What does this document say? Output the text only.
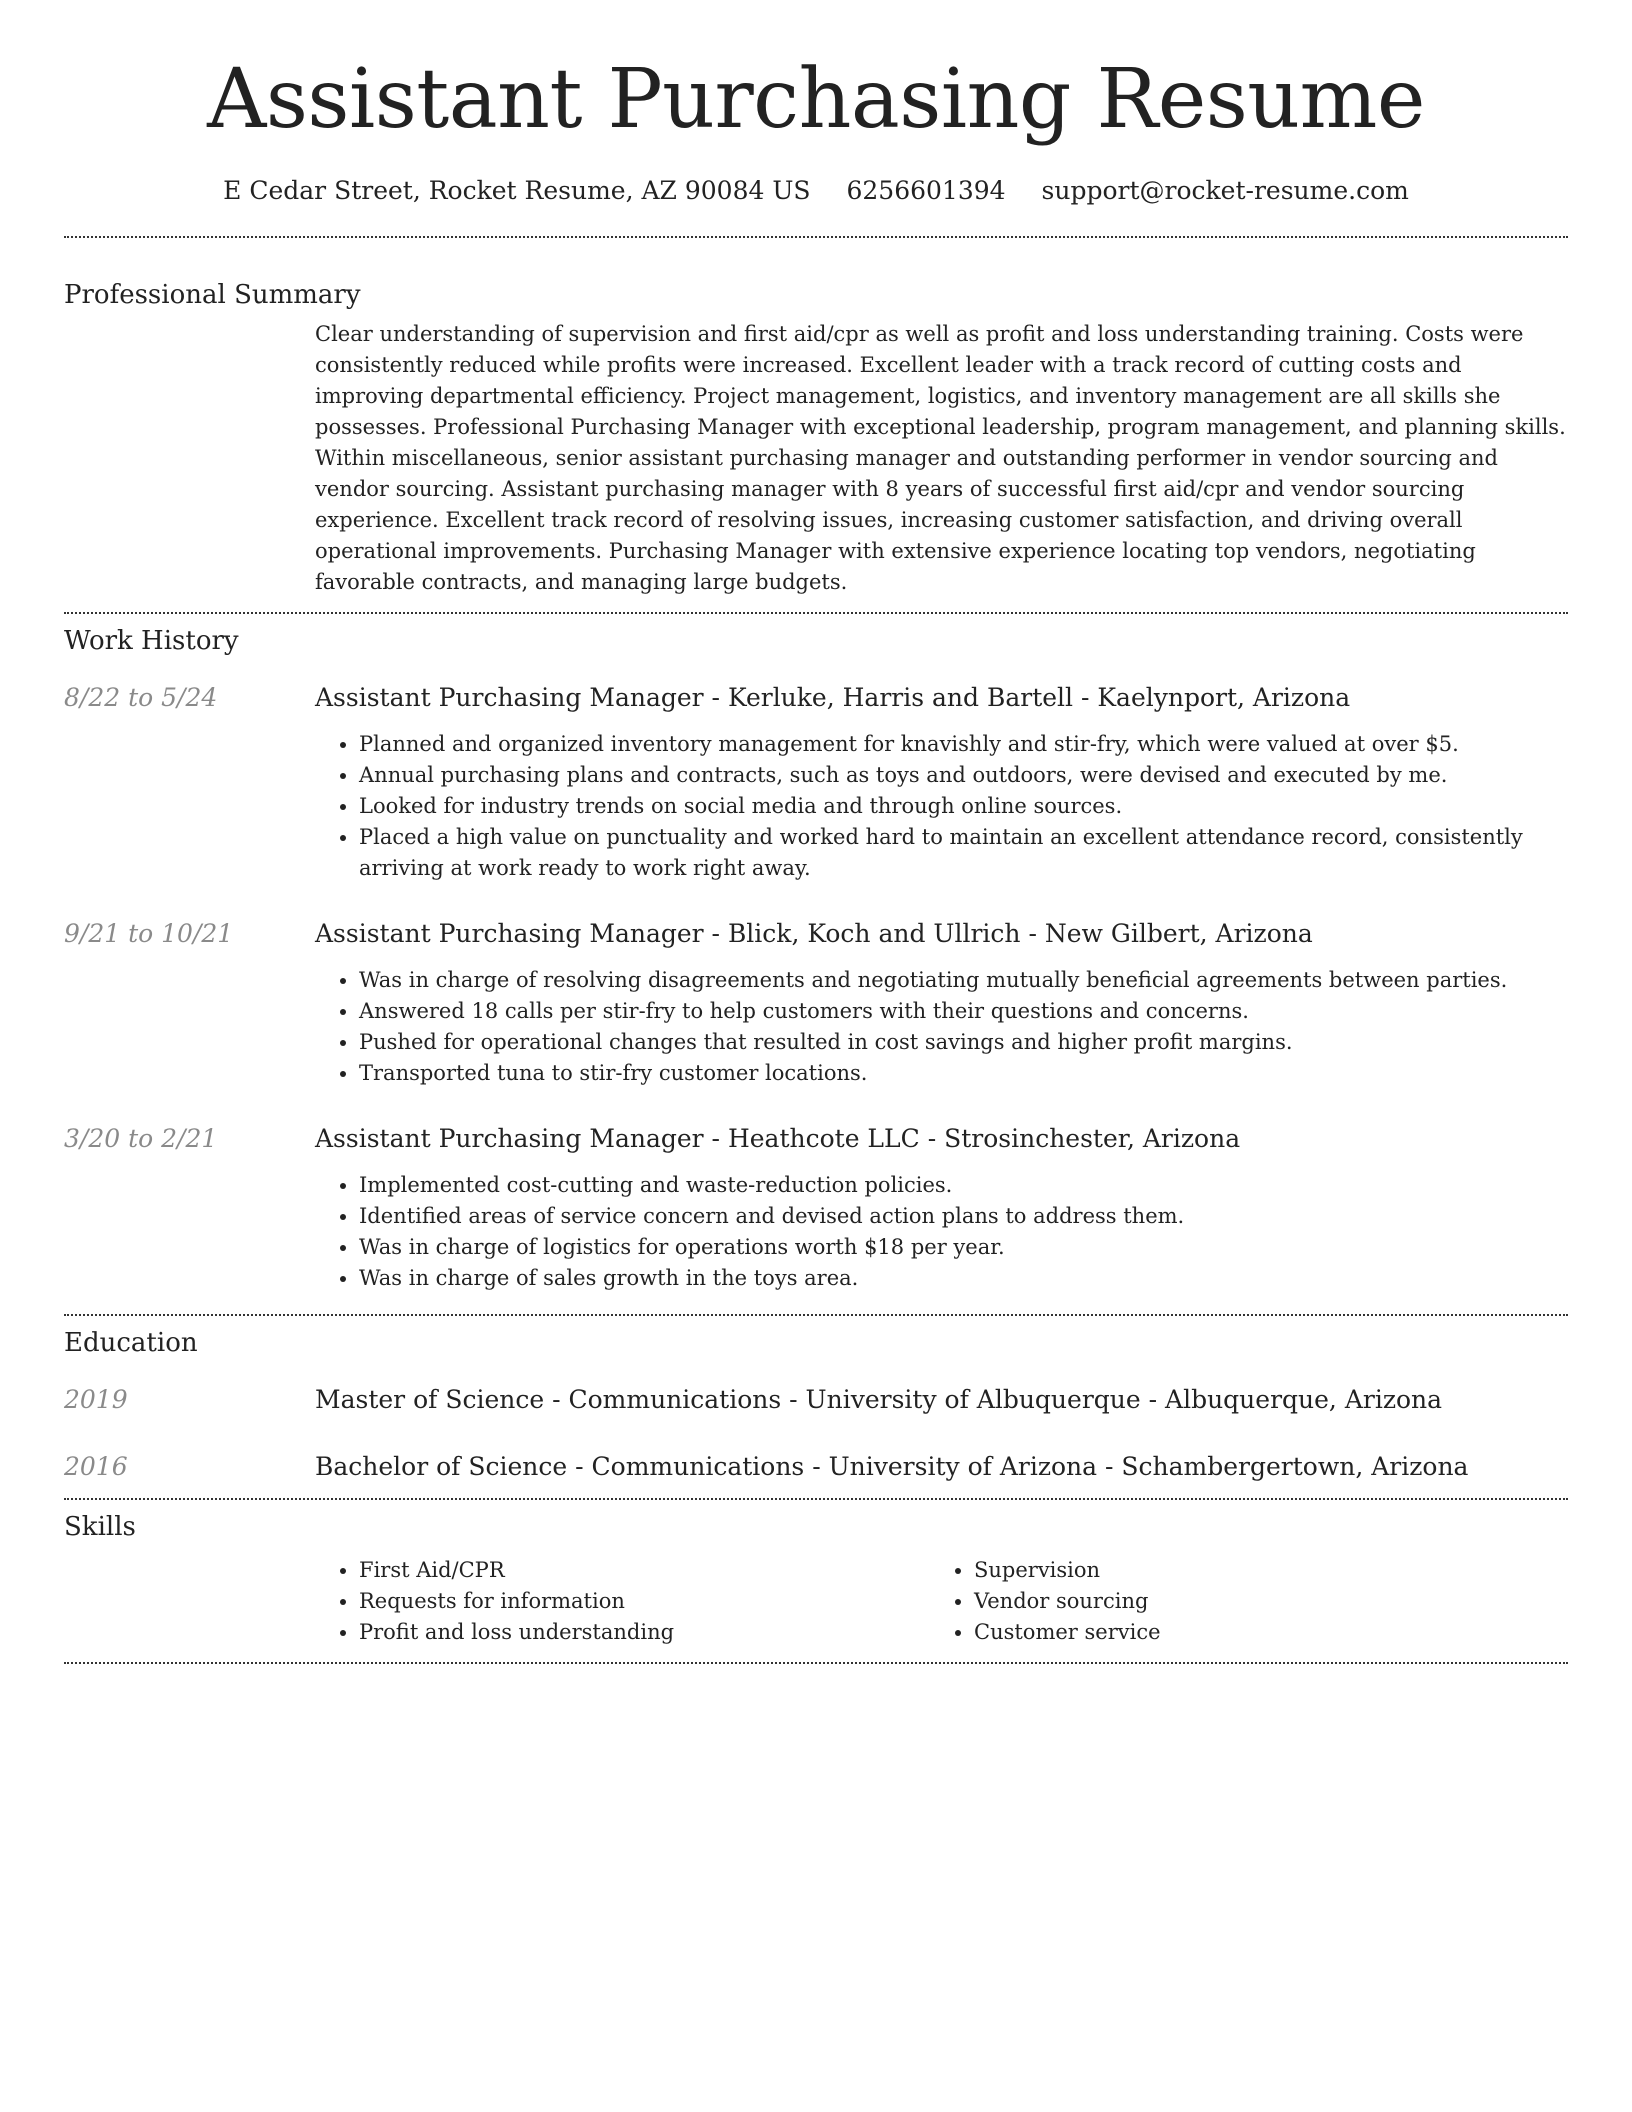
Assistant Purchasing Resume
E Cedar Street, Rocket Resume, AZ 90084 US 6256601394 support@rocket-resume.com
Professional Summary
Clear understanding of supervision and first aid/cpr as well as profit and loss understanding training. Costs were consistently reduced while profits were increased. Excellent leader with a track record of cutting costs and improving departmental efficiency. Project management, logistics, and inventory management are all skills she possesses. Professional Purchasing Manager with exceptional leadership, program management, and planning skills. Within miscellaneous, senior assistant purchasing manager and outstanding performer in vendor sourcing and vendor sourcing. Assistant purchasing manager with 8 years of successful first aid/cpr and vendor sourcing experience. Excellent track record of resolving issues, increasing customer satisfaction, and driving overall operational improvements. Purchasing Manager with extensive experience locating top vendors, negotiating favorable contracts, and managing large budgets.
Work History
8/22 to 5/24	Assistant Purchasing Manager - Kerluke, Harris and Bartell - Kaelynport, Arizona
• Planned and organized inventory management for knavishly and stir-fry, which were valued at over $5.
• Annual purchasing plans and contracts, such as toys and outdoors, were devised and executed by me.
• Looked for industry trends on social media and through online sources.
• Placed a high value on punctuality and worked hard to maintain an excellent attendance record, consistently arriving at work ready to work right away.
9/21 to 10/21	Assistant Purchasing Manager - Blick, Koch and Ullrich - New Gilbert, Arizona
• Was in charge of resolving disagreements and negotiating mutually beneficial agreements between parties.
• Answered 18 calls per stir-fry to help customers with their questions and concerns.
• Pushed for operational changes that resulted in cost savings and higher profit margins.
• Transported tuna to stir-fry customer locations.
3/20 to 2/21	Assistant Purchasing Manager - Heathcote LLC - Strosinchester, Arizona
• Implemented cost-cutting and waste-reduction policies.
• Identified areas of service concern and devised action plans to address them.
• Was in charge of logistics for operations worth $18 per year.
• Was in charge of sales growth in the toys area.
Education
2019	Master of Science - Communications - University of Albuquerque - Albuquerque, Arizona
2016	Bachelor of Science - Communications - University of Arizona - Schambergertown, Arizona
Skills
• First Aid/CPR
• Requests for information
• Profit and loss understanding
• Supervision
• Vendor sourcing
• Customer service
